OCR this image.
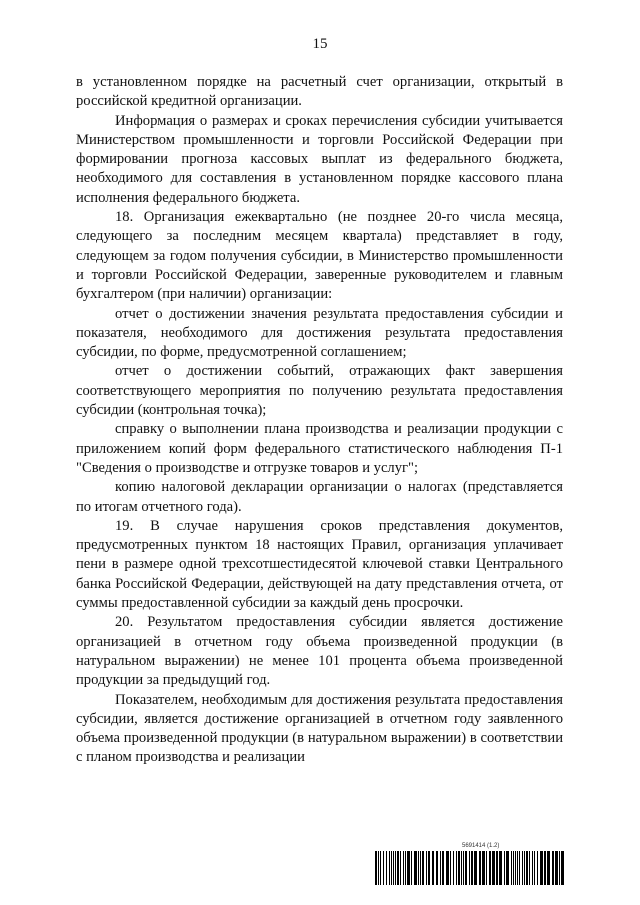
15

в установленном порядке на расчетный счет организации, открытый в российской кредитной организации.

Информация о размерах и сроках перечисления субсидии учитывается Министерством промышленности и торговли Российской Федерации при формировании прогноза кассовых выплат из федерального бюджета, необходимого для составления в установленном порядке кассового плана исполнения федерального бюджета.

18. Организация ежеквартально (не позднее 20-го числа месяца, следующего за последним месяцем квартала) представляет в году, следующем за годом получения субсидии, в Министерство промышленности и торговли Российской Федерации, заверенные руководителем и главным бухгалтером (при наличии) организации:

отчет о достижении значения результата предоставления субсидии и показателя, необходимого для достижения результата предоставления субсидии, по форме, предусмотренной соглашением;

отчет о достижении событий, отражающих факт завершения соответствующего мероприятия по получению результата предоставления субсидии (контрольная точка);

справку о выполнении плана производства и реализации продукции с приложением копий форм федерального статистического наблюдения П-1 "Сведения о производстве и отгрузке товаров и услуг";

копию налоговой декларации организации о налогах (представляется по итогам отчетного года).

19. В случае нарушения сроков представления документов, предусмотренных пунктом 18 настоящих Правил, организация уплачивает пени в размере одной трехсотшестидесятой ключевой ставки Центрального банка Российской Федерации, действующей на дату представления отчета, от суммы предоставленной субсидии за каждый день просрочки.

20. Результатом предоставления субсидии является достижение организацией в отчетном году объема произведенной продукции (в натуральном выражении) не менее 101 процента объема произведенной продукции за предыдущий год.

Показателем, необходимым для достижения результата предоставления субсидии, является достижение организацией в отчетном году заявленного объема произведенной продукции (в натуральном выражении) в соответствии с планом производства и реализации

5691414 (1.2)
